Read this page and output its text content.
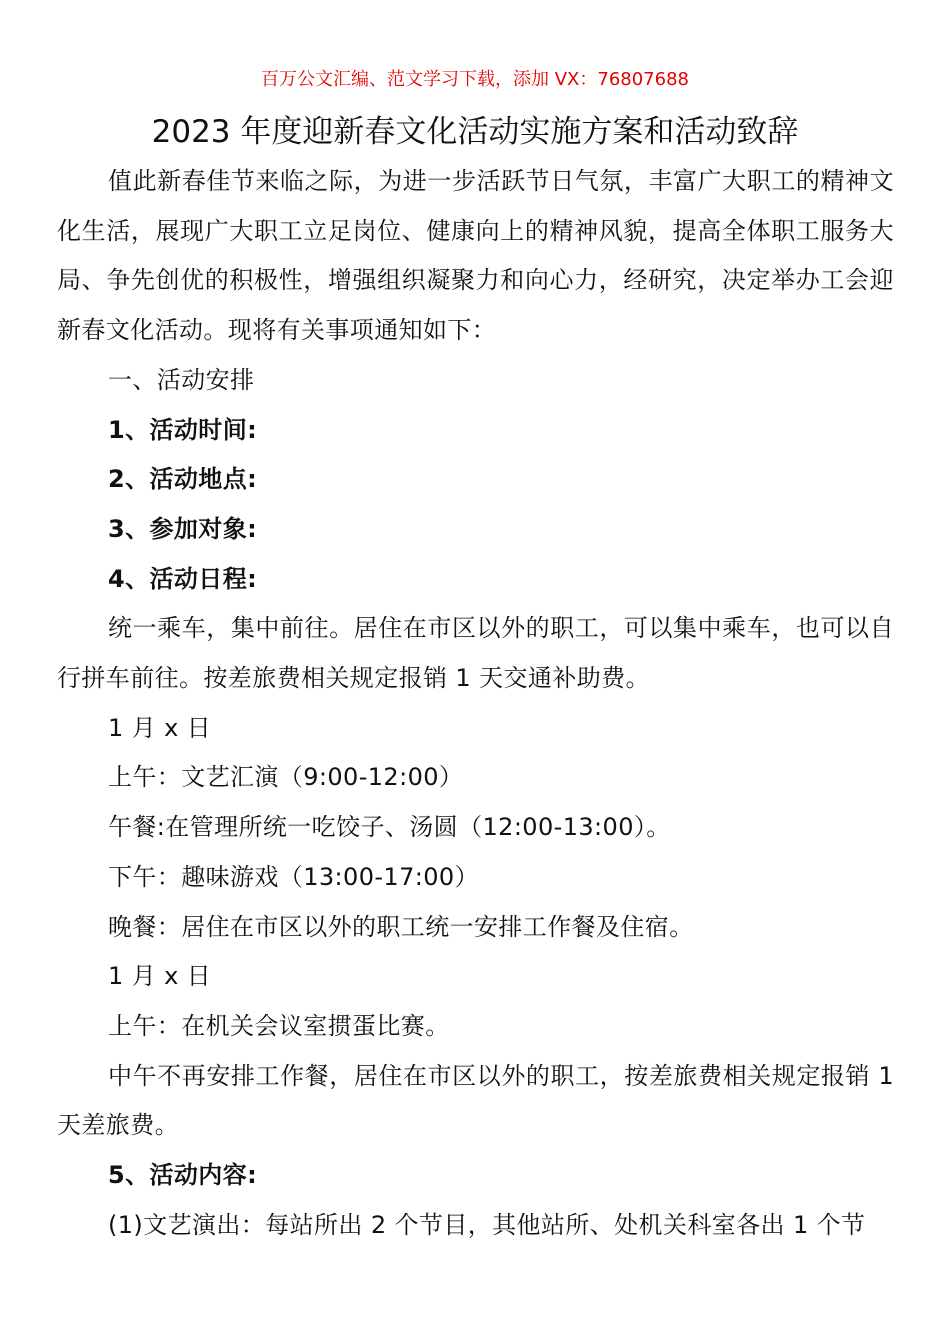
百万公文汇编、范文学习下载，添加 VX：76807688
2023 年度迎新春文化活动实施方案和活动致辞

值此新春佳节来临之际，为进一步活跃节日气氛，丰富广大职工的精神文化生活，展现广大职工立足岗位、健康向上的精神风貌，提高全体职工服务大局、争先创优的积极性，增强组织凝聚力和向心力，经研究，决定举办工会迎新春文化活动。现将有关事项通知如下：

一、活动安排

1、活动时间:

2、活动地点:

3、参加对象:

4、活动日程:

统一乘车，集中前往。居住在市区以外的职工，可以集中乘车，也可以自行拼车前往。按差旅费相关规定报销 1 天交通补助费。

1 月 x 日

上午：文艺汇演（9:00-12:00）

午餐:在管理所统一吃饺子、汤圆（12:00-13:00）。

下午：趣味游戏（13:00-17:00）

晚餐：居住在市区以外的职工统一安排工作餐及住宿。

1 月 x 日

上午：在机关会议室掼蛋比赛。

中午不再安排工作餐，居住在市区以外的职工，按差旅费相关规定报销 1 天差旅费。

5、活动内容:

(1)文艺演出：每站所出 2 个节目，其他站所、处机关科室各出 1 个节
